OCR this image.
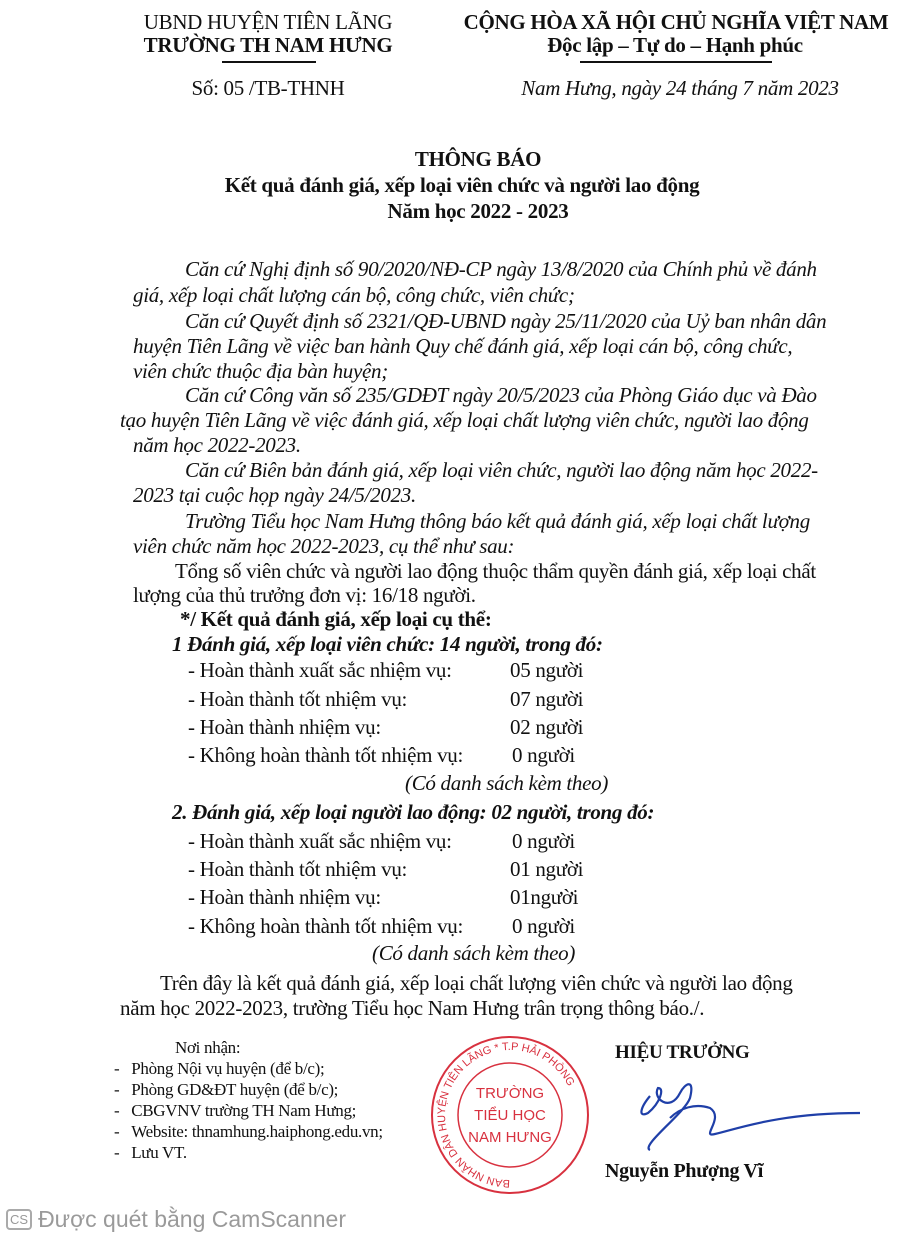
UBND HUYỆN TIÊN LÃNG
TRƯỜNG TH NAM HƯNG
CỘNG HÒA XÃ HỘI CHỦ NGHĨA VIỆT NAM
Độc lập – Tự do – Hạnh phúc
Số: 05 /TB-THNH	Nam Hưng, ngày 24 tháng 7 năm 2023
THÔNG BÁO
Kết quả đánh giá, xếp loại viên chức và người lao động
Năm học 2022 - 2023
Căn cứ Nghị định số 90/2020/NĐ-CP ngày 13/8/2020 của Chính phủ về đánh
giá, xếp loại chất lượng cán bộ, công chức, viên chức;
Căn cứ Quyết định số 2321/QĐ-UBND ngày 25/11/2020 của Uỷ ban nhân dân
huyện Tiên Lãng về việc ban hành Quy chế đánh giá, xếp loại cán bộ, công chức,
viên chức thuộc địa bàn huyện;
Căn cứ Công văn số 235/GDĐT ngày 20/5/2023 của Phòng Giáo dục và Đào
tạo huyện Tiên Lãng về việc đánh giá, xếp loại chất lượng viên chức, người lao động
năm học 2022-2023.
Căn cứ Biên bản đánh giá, xếp loại viên chức, người lao động năm học 2022-
2023 tại cuộc họp ngày 24/5/2023.
Trường Tiểu học Nam Hưng thông báo kết quả đánh giá, xếp loại chất lượng
viên chức năm học 2022-2023, cụ thể như sau:
Tổng số viên chức và người lao động thuộc thẩm quyền đánh giá, xếp loại chất
lượng của thủ trưởng đơn vị: 16/18 người.
*/ Kết quả đánh giá, xếp loại cụ thể:
1 Đánh giá, xếp loại viên chức: 14 người, trong đó:
- Hoàn thành xuất sắc nhiệm vụ:	05 người
- Hoàn thành tốt nhiệm vụ:	07 người
- Hoàn thành nhiệm vụ:	02 người
- Không hoàn thành tốt nhiệm vụ: 0 người
(Có danh sách kèm theo)
2. Đánh giá, xếp loại người lao động: 02 người, trong đó:
- Hoàn thành xuất sắc nhiệm vụ:	0 người
- Hoàn thành tốt nhiệm vụ:	01 người
- Hoàn thành nhiệm vụ:	01người
- Không hoàn thành tốt nhiệm vụ: 0 người
(Có danh sách kèm theo)
Trên đây là kết quả đánh giá, xếp loại chất lượng viên chức và người lao động
năm học 2022-2023, trường Tiểu học Nam Hưng trân trọng thông báo./.
Nơi nhận:
-   Phòng Nội vụ huyện (để b/c);
-   Phòng GD&ĐT huyện (để b/c);
-   CBGVNV trường TH Nam Hưng;
-   Website: thnamhung.haiphong.edu.vn;
-   Lưu VT.
BAN NHÂN DÂN HUYỆN TIÊN LÃNG * T.P HẢI PHÒNG
TRƯỜNG
TIỂU HỌC
NAM HƯNG
HIỆU TRƯỞNG
Nguyễn Phượng Vĩ
CS Được quét bằng CamScanner
